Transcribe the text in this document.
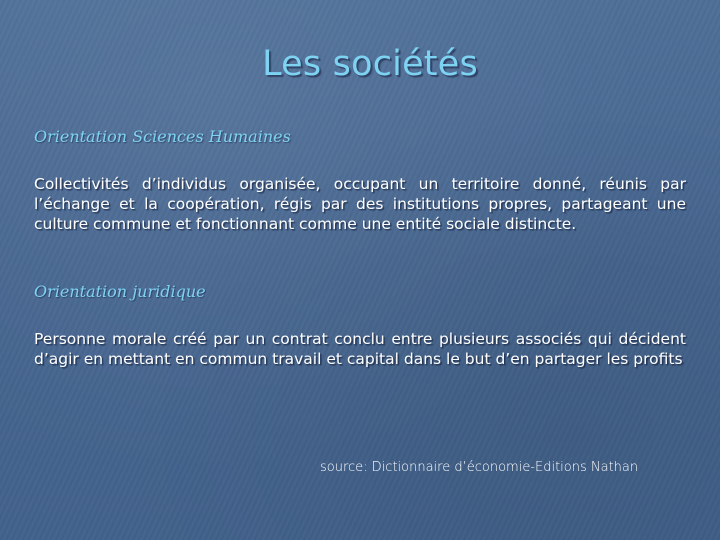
Les sociétés
Orientation Sciences Humaines
Collectivités d’individus organisée, occupant un territoire donné, réunis par l’échange et la coopération, régis par des institutions propres, partageant une culture commune et fonctionnant comme une entité sociale distincte.
Orientation juridique
Personne morale créé par un contrat conclu entre plusieurs associés qui décident d’agir en mettant en commun travail et capital dans le but d’en partager les profits
source: Dictionnaire d’économie-Editions Nathan
